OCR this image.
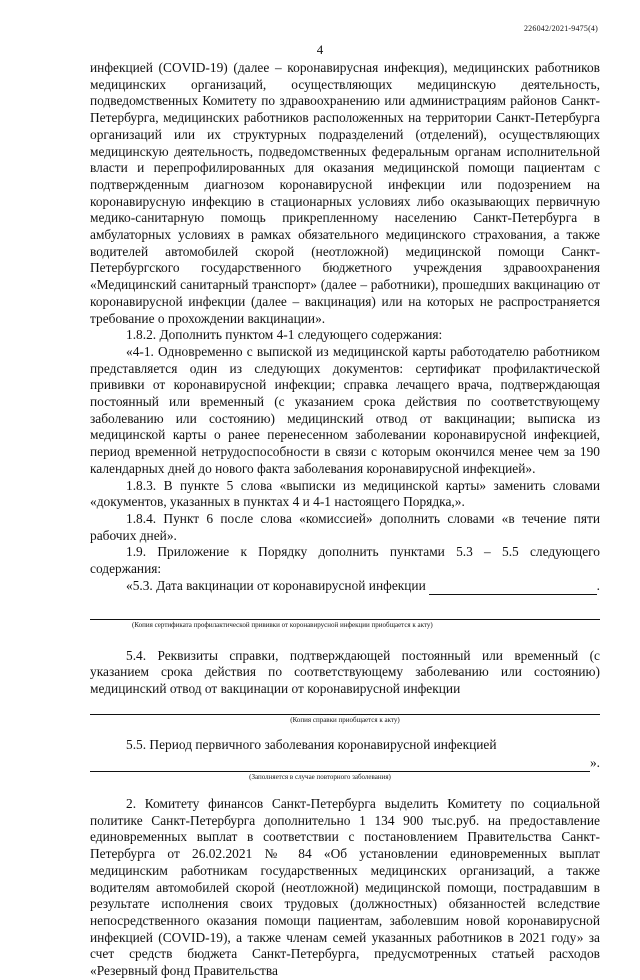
226042/2021-9475(4)
4

инфекцией (COVID-19) (далее – коронавирусная инфекция), медицинских работников медицинских организаций, осуществляющих медицинскую деятельность, подведомственных Комитету по здравоохранению или администрациям районов Санкт-Петербурга, медицинских работников расположенных на территории Санкт-Петербурга организаций или их структурных подразделений (отделений), осуществляющих медицинскую деятельность, подведомственных федеральным органам исполнительной власти и перепрофилированных для оказания медицинской помощи пациентам с подтвержденным диагнозом коронавирусной инфекции или подозрением на коронавирусную инфекцию в стационарных условиях либо оказывающих первичную медико-санитарную помощь прикрепленному населению Санкт-Петербурга в амбулаторных условиях в рамках обязательного медицинского страхования, а также водителей автомобилей скорой (неотложной) медицинской помощи Санкт-Петербургского государственного бюджетного учреждения здравоохранения «Медицинский санитарный транспорт» (далее – работники), прошедших вакцинацию от коронавирусной инфекции (далее – вакцинация) или на которых не распространяется требование о прохождении вакцинации».

1.8.2. Дополнить пунктом 4-1 следующего содержания:

«4-1. Одновременно с выпиской из медицинской карты работодателю работником представляется один из следующих документов: сертификат профилактической прививки от коронавирусной инфекции; справка лечащего врача, подтверждающая постоянный или временный (с указанием срока действия по соответствующему заболеванию или состоянию) медицинский отвод от вакцинации; выписка из медицинской карты о ранее перенесенном заболевании коронавирусной инфекцией, период временной нетрудоспособности в связи с которым окончился менее чем за 190 календарных дней до нового факта заболевания коронавирусной инфекцией».

1.8.3. В пункте 5 слова «выписки из медицинской карты» заменить словами «документов, указанных в пунктах 4 и 4-1 настоящего Порядка,».

1.8.4. Пункт 6 после слова «комиссией» дополнить словами «в течение пяти рабочих дней».

1.9. Приложение к Порядку дополнить пунктами 5.3 – 5.5 следующего содержания:

«5.3. Дата вакцинации от коронавирусной инфекции	.
(Копия сертификата профилактической прививки от коронавирусной инфекции приобщается к акту)

5.4. Реквизиты справки, подтверждающей постоянный или временный (с указанием срока действия по соответствующему заболеванию или состоянию) медицинский отвод от вакцинации от коронавирусной инфекции

(Копия справки приобщается к акту)
5.5. Период первичного заболевания коронавирусной инфекцией
».
(Заполняется в случае повторного заболевания)

2. Комитету финансов Санкт-Петербурга выделить Комитету по социальной политике Санкт-Петербурга дополнительно 1 134 900 тыс.руб. на предоставление единовременных выплат в соответствии с постановлением Правительства Санкт-Петербурга от 26.02.2021 № 84 «Об установлении единовременных выплат медицинским работникам государственных медицинских организаций, а также водителям автомобилей скорой (неотложной) медицинской помощи, пострадавшим в результате исполнения своих трудовых (должностных) обязанностей вследствие непосредственного оказания помощи пациентам, заболевшим новой коронавирусной инфекцией (COVID-19), а также членам семей указанных работников в 2021 году» за счет средств бюджета Санкт-Петербурга, предусмотренных статьей расходов «Резервный фонд Правительства
